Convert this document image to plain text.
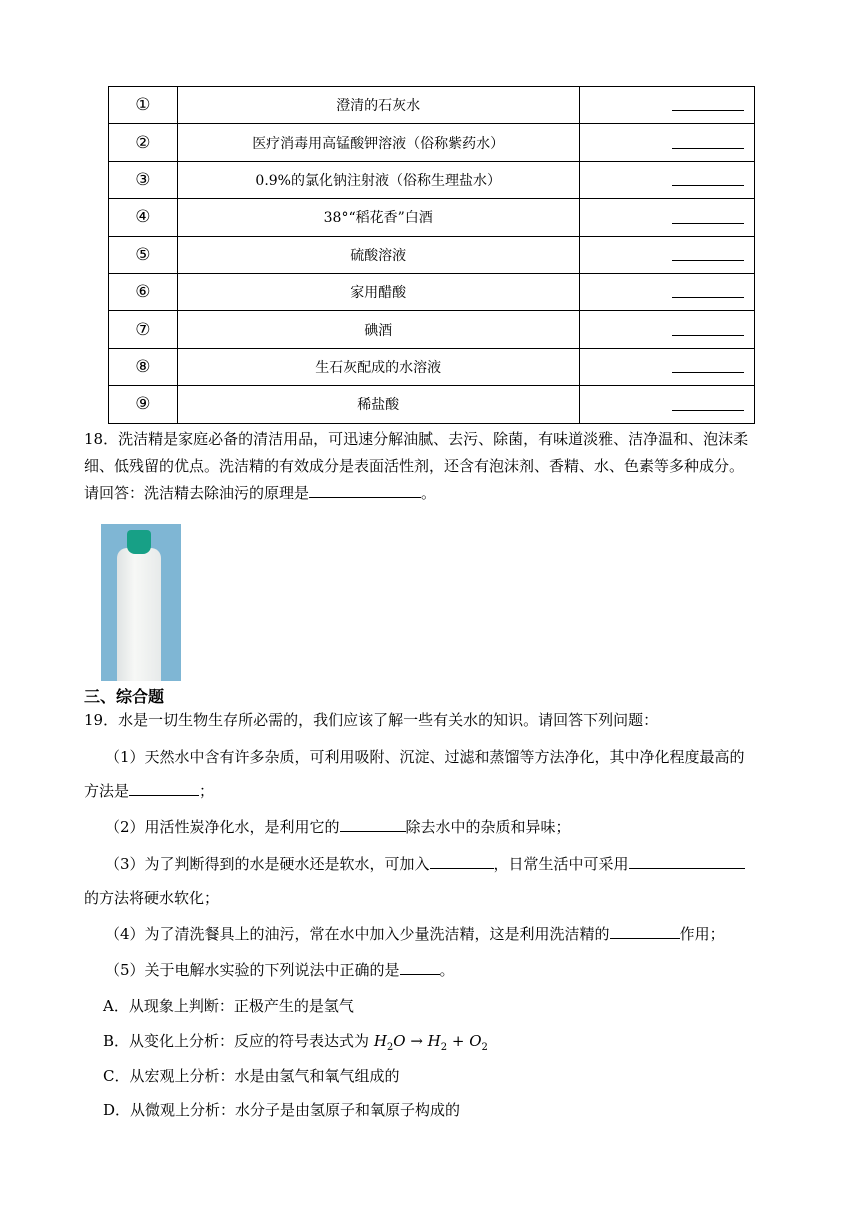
①	澄清的石灰水	

②	医疗消毒用高锰酸钾溶液（俗称紫药水）	

③	0.9%的氯化钠注射液（俗称生理盐水）	

④	38°“稻花香”白酒	

⑤	硫酸溶液	

⑥	家用醋酸	

⑦	碘酒	

⑧	生石灰配成的水溶液	

⑨	稀盐酸	
18．洗洁精是家庭必备的清洁用品，可迅速分解油腻、去污、除菌，有味道淡雅、洁净温和、泡沫柔
细、低残留的优点。洗洁精的有效成分是表面活性剂，还含有泡沫剂、香精、水、色素等多种成分。
请回答：洗洁精去除油污的原理是	。
三、综合题
19．水是一切生物生存所必需的，我们应该了解一些有关水的知识。请回答下列问题：
（1）天然水中含有许多杂质，可利用吸附、沉淀、过滤和蒸馏等方法净化，其中净化程度最高的
方法是	；
（2）用活性炭净化水，是利用它的	除去水中的杂质和异味；
（3）为了判断得到的水是硬水还是软水，可加入	，日常生活中可采用
的方法将硬水软化；
（4）为了清洗餐具上的油污，常在水中加入少量洗洁精，这是利用洗洁精的	作用；
（5）关于电解水实验的下列说法中正确的是	。
A．从现象上判断：正极产生的是氢气
B．从变化上分析：反应的符号表达式为 $H_2O \to H_2 + O_2$
C．从宏观上分析：水是由氢气和氧气组成的
D．从微观上分析：水分子是由氢原子和氧原子构成的
